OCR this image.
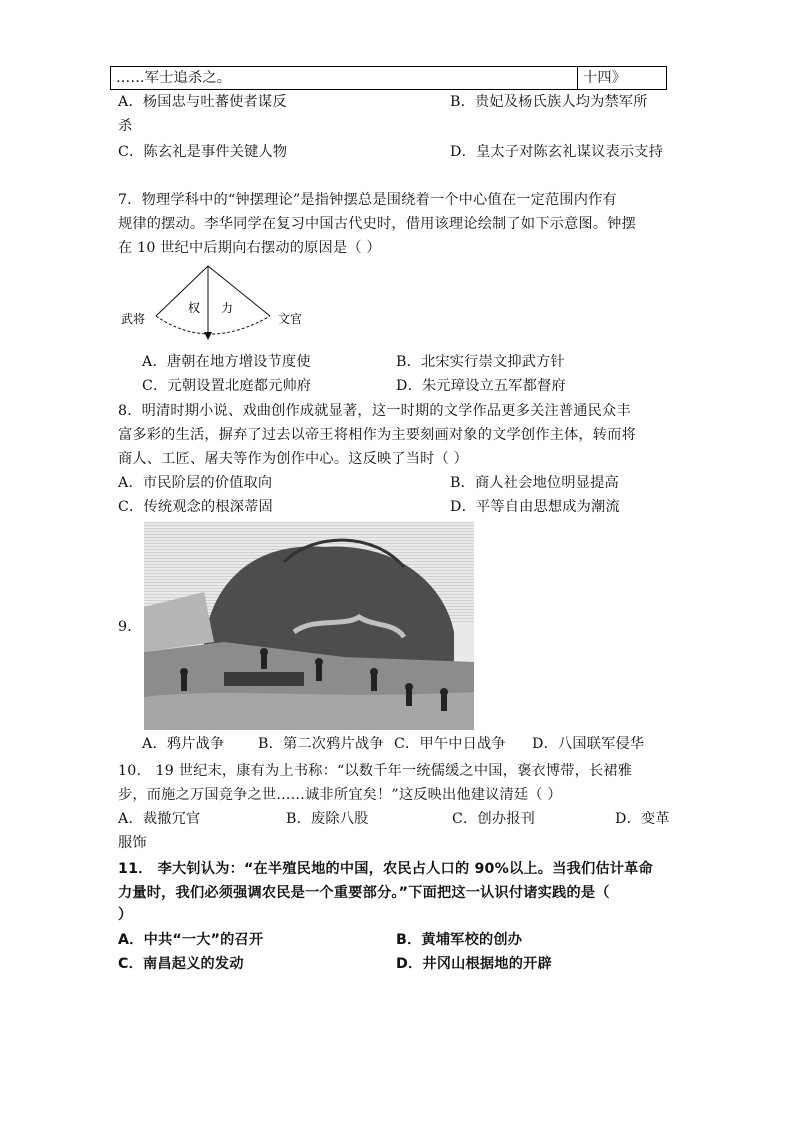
……军士追杀之。	十四》
A．杨国忠与吐蕃使者谋反	B．贵妃及杨氏族人均为禁军所
杀
C．陈玄礼是事件关键人物	D．皇太子对陈玄礼谋议表示支持
7．物理学科中的“钟摆理论”是指钟摆总是围绕着一个中心值在一定范围内作有
规律的摆动。李华同学在复习中国古代史时，借用该理论绘制了如下示意图。钟摆
在 10 世纪中后期向右摆动的原因是（ ）
武将	文官
权 力
A．唐朝在地方增设节度使	B．北宋实行崇文抑武方针
C．元朝设置北庭都元帅府	D．朱元璋设立五军都督府
8．明清时期小说、戏曲创作成就显著，这一时期的文学作品更多关注普通民众丰
富多彩的生活，摒弃了过去以帝王将相作为主要刻画对象的文学创作主体，转而将
商人、工匠、屠夫等作为创作中心。这反映了当时（ ）
A．市民阶层的价值取向	B．商人社会地位明显提高
C．传统观念的根深蒂固	D．平等自由思想成为潮流
9．
A．鸦片战争 B．第二次鸦片战争 C．甲午中日战争 D．八国联军侵华
10． 19 世纪末，康有为上书称：“以数千年一统儒缓之中国，褒衣博带，长裙雅
步，而施之万国竞争之世……诚非所宜矣！”这反映出他建议清廷（ ）
A．裁撤冗官	B．废除八股	C．创办报刊	D．变革
服饰
11． 李大钊认为：“在半殖民地的中国，农民占人口的 90%以上。当我们估计革命
力量时，我们必须强调农民是一个重要部分。”下面把这一认识付诸实践的是（
）
A．中共“一大”的召开	B．黄埔军校的创办
C．南昌起义的发动	D．井冈山根据地的开辟
